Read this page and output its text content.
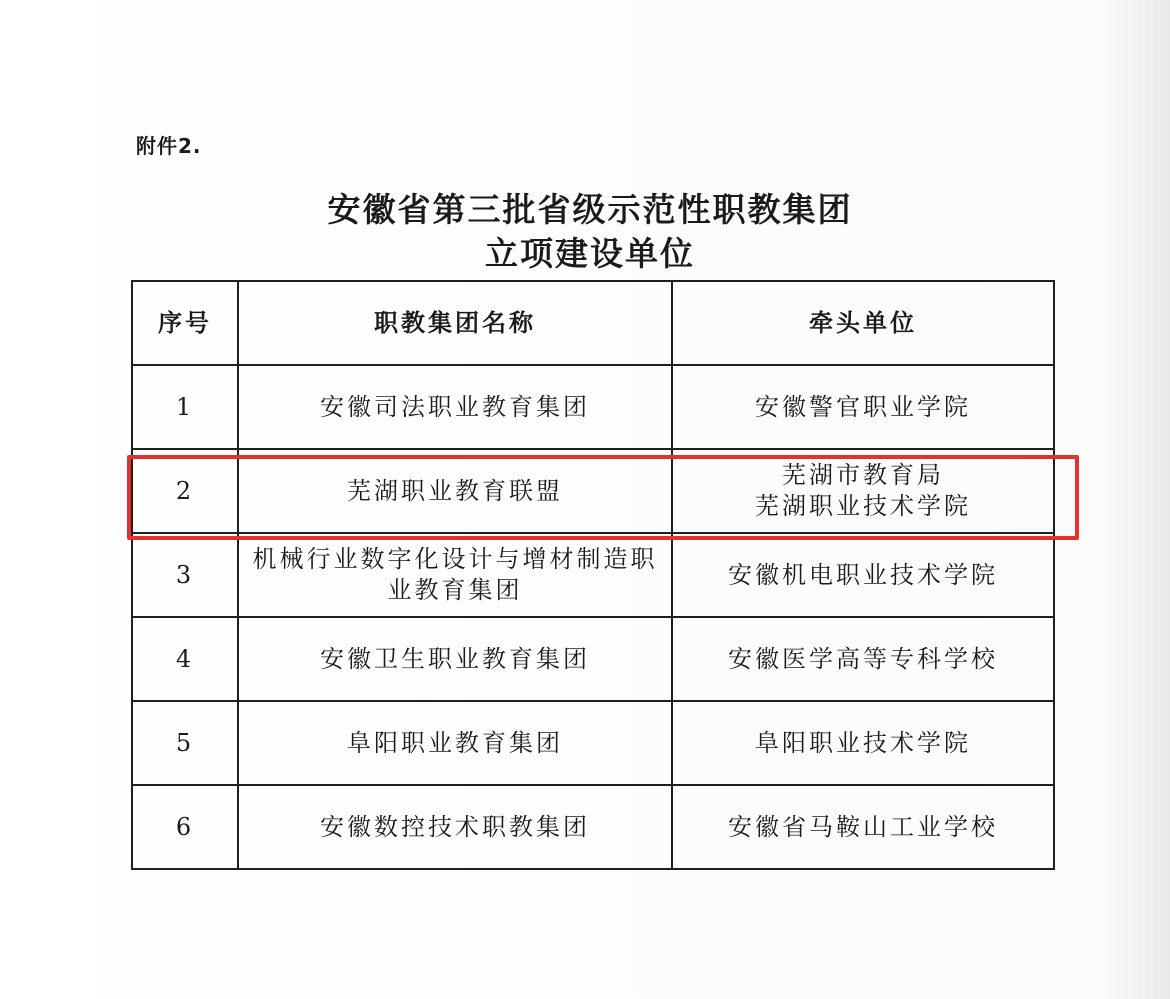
附件2.
安徽省第三批省级示范性职教集团
立项建设单位
序号	职教集团名称	牵头单位
1	安徽司法职业教育集团	安徽警官职业学院

2	芜湖职业教育联盟	芜湖市教育局
芜湖职业技术学院

3	机械行业数字化设计与增材制造职
业教育集团	安徽机电职业技术学院

4	安徽卫生职业教育集团	安徽医学高等专科学校

5	阜阳职业教育集团	阜阳职业技术学院

6	安徽数控技术职教集团	安徽省马鞍山工业学校
